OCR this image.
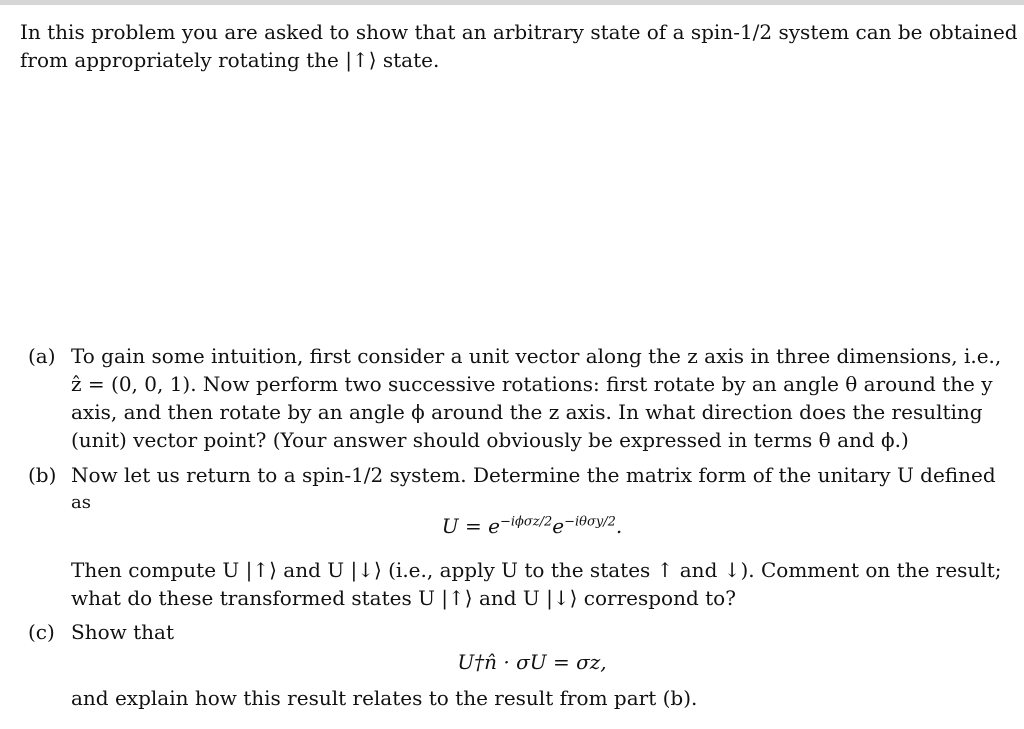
In this problem you are asked to show that an arbitrary state of a spin-1/2 system can be obtained
from appropriately rotating the |↑⟩ state.
(a) To gain some intuition, first consider a unit vector along the z axis in three dimensions, i.e.,
ẑ = (0, 0, 1). Now perform two successive rotations: first rotate by an angle θ around the y
axis, and then rotate by an angle ϕ around the z axis. In what direction does the resulting
(unit) vector point? (Your answer should obviously be expressed in terms θ and ϕ.)
(b) Now let us return to a spin-1/2 system. Determine the matrix form of the unitary U defined
as
$U = e^{-i\phi\sigma z/2}e^{-i\theta\sigma y/2}$.
Then compute U |↑⟩ and U |↓⟩ (i.e., apply U to the states ↑ and ↓). Comment on the result;
what do these transformed states U |↑⟩ and U |↓⟩ correspond to?
(c) Show that
U†n̂ · σU = σz,
and explain how this result relates to the result from part (b).
